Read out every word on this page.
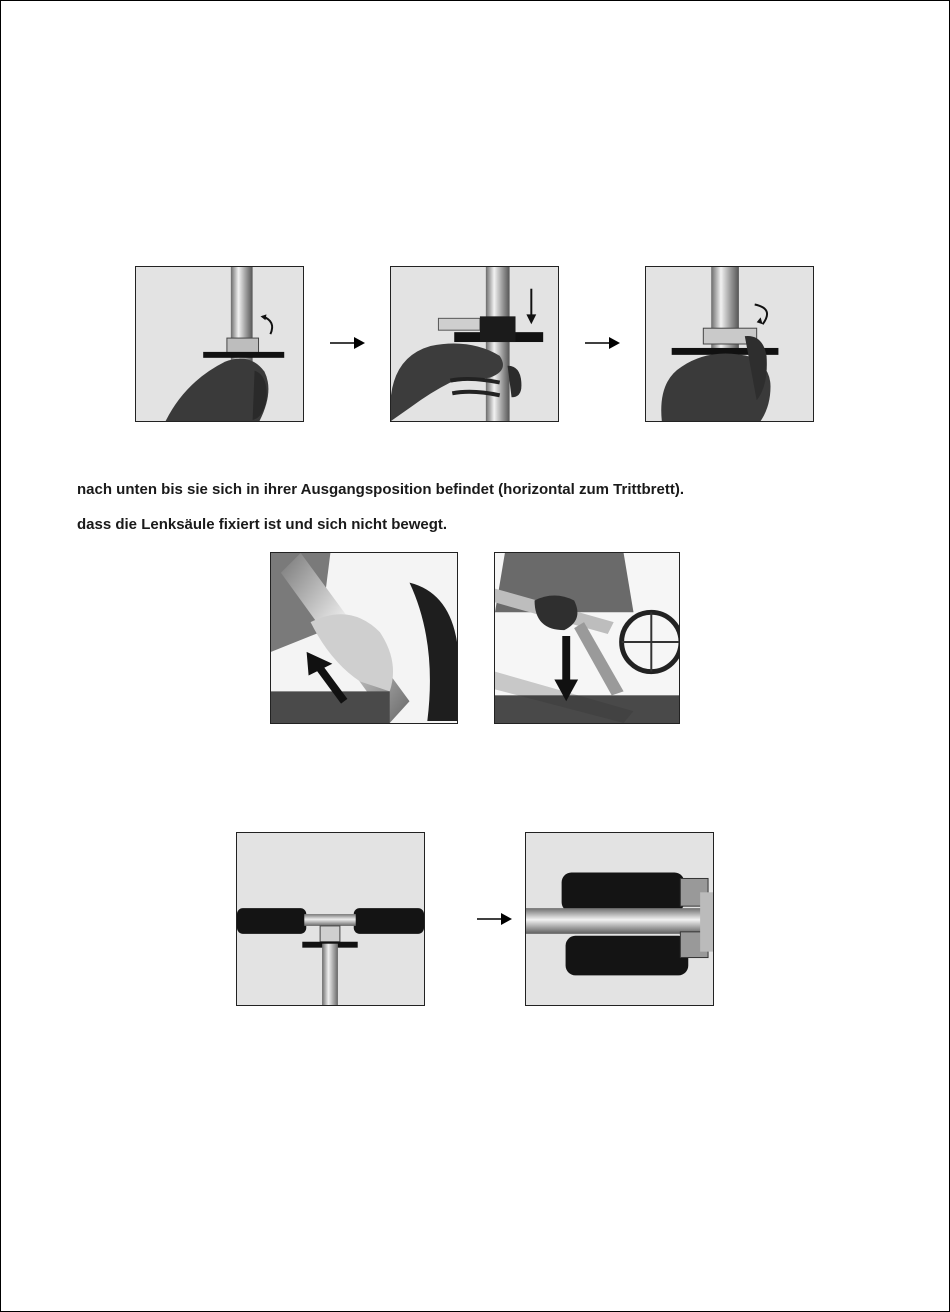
nach unten bis sie sich in ihrer Ausgangsposition befindet (horizontal zum Trittbrett).
dass die Lenksäule fixiert ist und sich nicht bewegt.
